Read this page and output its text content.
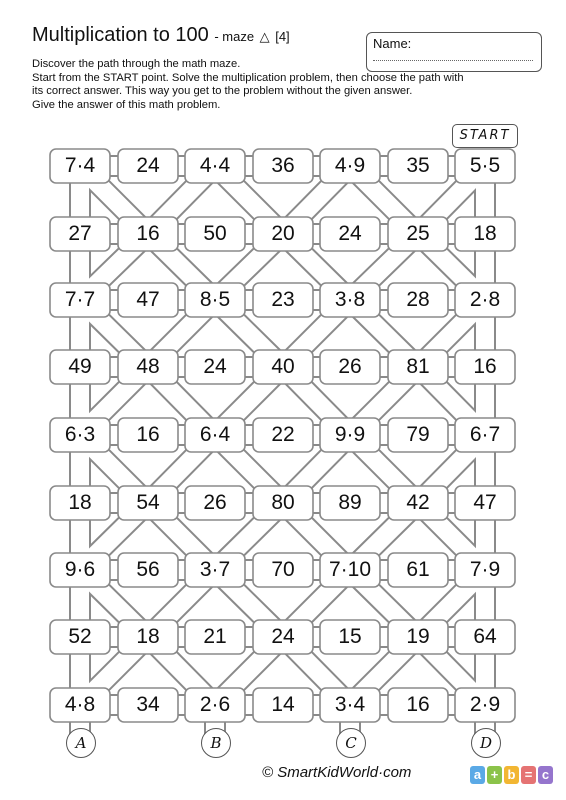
Multiplication to 100 - maze △ [4]	Name:
Discover the path through the math maze.
Start from the START point. Solve the multiplication problem, then choose the path with
its correct answer. This way you get to the problem without the given answer.
Give the answer of this math problem.
7·4	24	4·4	36	4·9	35	5·5
27	16	50	20	24	25	18
7·7	47	8·5	23	3·8	28	2·8
49	48	24	40	26	81	16
6·3	16	6·4	22	9·9	79	6·7
18	54	26	80	89	42	47
9·6	56	3·7	70	7·10	61	7·9
52	18	21	24	15	19	64
4·8	34	2·6	14	3·4	16	2·9
A	B	C	D
START
© SmartKidWorld·com	a + b = c
